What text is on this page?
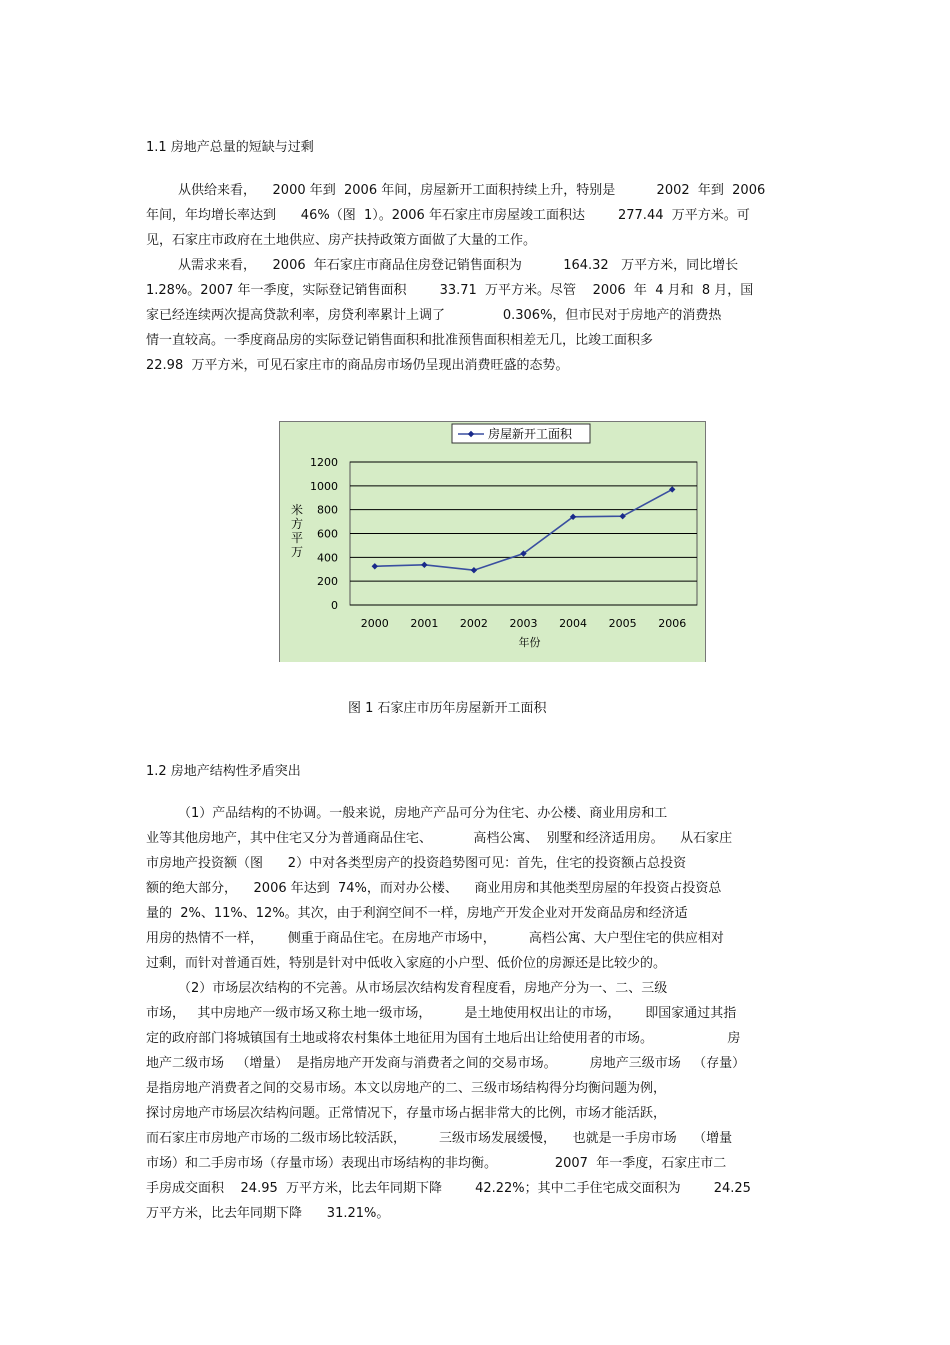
1.1 房地产总量的短缺与过剩
从供给来看，    2000 年到  2006 年间，房屋新开工面积持续上升，特别是          2002  年到  2006
年间，年均增长率达到      46%（图  1）。2006 年石家庄市房屋竣工面积达        277.44  万平方米。可
见，石家庄市政府在土地供应、房产扶持政策方面做了大量的工作。
从需求来看，    2006  年石家庄市商品住房登记销售面积为          164.32   万平方米，同比增长
1.28%。2007 年一季度，实际登记销售面积        33.71  万平方米。尽管    2006  年  4 月和  8 月，国
家已经连续两次提高贷款利率，房贷利率累计上调了              0.306%，但市民对于房地产的消费热
情一直较高。一季度商品房的实际登记销售面积和批准预售面积相差无几，比竣工面积多
22.98  万平方米，可见石家庄市的商品房市场仍呈现出消费旺盛的态势。
0
200
400
600
800
1000
1200
2000 2001 2002 2003 2004 2005 2006
年份
米
方
平
万
房屋新开工面积
图 1 石家庄市历年房屋新开工面积
1.2 房地产结构性矛盾突出
（1）产品结构的不协调。一般来说，房地产产品可分为住宅、办公楼、商业用房和工
业等其他房地产，其中住宅又分为普通商品住宅、          高档公寓、  别墅和经济适用房。    从石家庄
市房地产投资额（图      2）中对各类型房产的投资趋势图可见：首先，住宅的投资额占总投资
额的绝大部分，    2006 年达到  74%，而对办公楼、    商业用房和其他类型房屋的年投资占投资总
量的  2%、11%、12%。其次，由于利润空间不一样，房地产开发企业对开发商品房和经济适
用房的热情不一样，      侧重于商品住宅。在房地产市场中，        高档公寓、大户型住宅的供应相对
过剩，而针对普通百姓，特别是针对中低收入家庭的小户型、低价位的房源还是比较少的。
（2）市场层次结构的不完善。从市场层次结构发育程度看，房地产分为一、二、三级
市场，   其中房地产一级市场又称土地一级市场，        是土地使用权出让的市场，      即国家通过其指
定的政府部门将城镇国有土地或将农村集体土地征用为国有土地后出让给使用者的市场。                  房
地产二级市场   （增量）  是指房地产开发商与消费者之间的交易市场。        房地产三级市场   （存量）
是指房地产消费者之间的交易市场。本文以房地产的二、三级市场结构得分均衡问题为例，
探讨房地产市场层次结构问题。正常情况下，存量市场占据非常大的比例，市场才能活跃，
而石家庄市房地产市场的二级市场比较活跃，        三级市场发展缓慢，    也就是一手房市场    （增量
市场）和二手房市场（存量市场）表现出市场结构的非均衡。              2007  年一季度，石家庄市二
手房成交面积    24.95  万平方米，比去年同期下降        42.22%；其中二手住宅成交面积为        24.25
万平方米，比去年同期下降      31.21%。
